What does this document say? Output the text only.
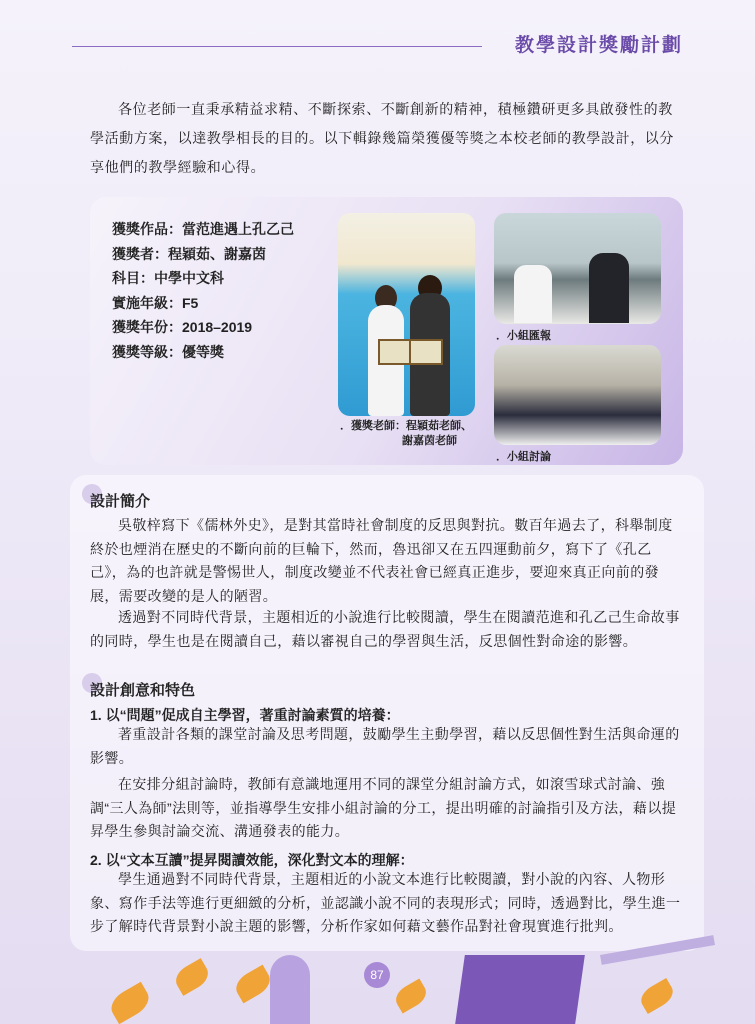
教學設計獎勵計劃
各位老師一直秉承精益求精、不斷探索、不斷創新的精神，積極鑽研更多具啟發性的教學活動方案，以達教學相長的目的。以下輯錄幾篇榮獲優等獎之本校老師的教學設計，以分享他們的教學經驗和心得。
獲獎作品：當范進遇上孔乙己
獲獎者：程穎茹、謝嘉茵
科目：中學中文科
實施年級：F5
獲獎年份：2018–2019
獲獎等級：優等獎
．獲獎老師：程穎茹老師、
謝嘉茵老師
．小組匯報
．小組討論
設計簡介
吳敬梓寫下《儒林外史》，是對其當時社會制度的反思與對抗。數百年過去了，科舉制度終於也煙消在歷史的不斷向前的巨輪下，然而，魯迅卻又在五四運動前夕，寫下了《孔乙己》，為的也許就是警惕世人，制度改變並不代表社會已經真正進步，要迎來真正向前的發展，需要改變的是人的陋習。
透過對不同時代背景，主題相近的小說進行比較閱讀，學生在閱讀范進和孔乙己生命故事的同時，學生也是在閱讀自己，藉以審視自己的學習與生活，反思個性對命途的影響。
設計創意和特色
1. 以“問題”促成自主學習，著重討論素質的培養：
著重設計各類的課堂討論及思考問題，鼓勵學生主動學習，藉以反思個性對生活與命運的影響。
在安排分組討論時，教師有意識地運用不同的課堂分組討論方式，如滾雪球式討論、強調“三人為師”法則等，並指導學生安排小組討論的分工，提出明確的討論指引及方法，藉以提昇學生參與討論交流、溝通發表的能力。
2. 以“文本互讀”提昇閱讀效能，深化對文本的理解：
學生通過對不同時代背景，主題相近的小說文本進行比較閱讀，對小說的內容、人物形象、寫作手法等進行更細緻的分析，並認識小說不同的表現形式；同時，透過對比，學生進一步了解時代背景對小說主題的影響，分析作家如何藉文藝作品對社會現實進行批判。
87
